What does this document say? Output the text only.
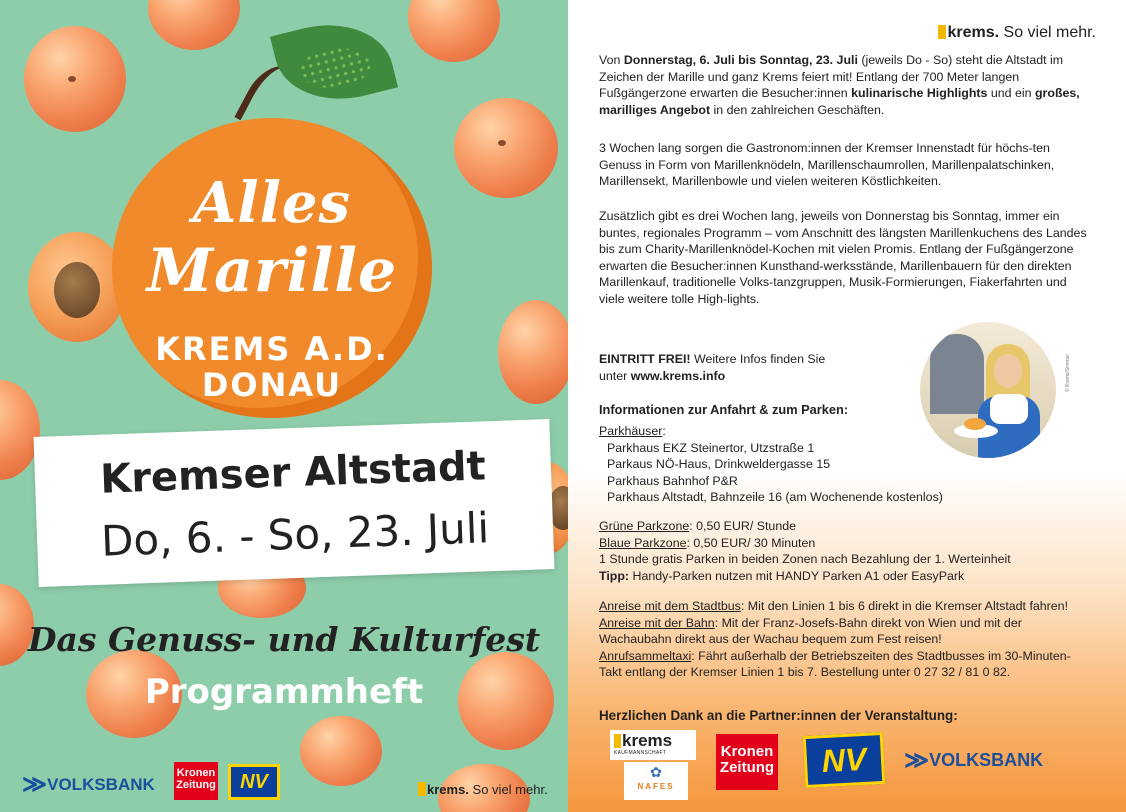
Alles
Marille
KREMS A.D.
DONAU
Kremser Altstadt
Do, 6. - So, 23. Juli
Das Genuss- und Kulturfest
Programmheft
≫ VOLKSBANK
Kronen
Zeitung NV	krems. So viel mehr.
krems. So viel mehr.
Von Donnerstag, 6. Juli bis Sonntag, 23. Juli (jeweils Do - So) steht die Altstadt im Zeichen der Marille und ganz Krems feiert mit! Entlang der 700 Meter langen Fußgängerzone erwarten die Besucher:innen kulinarische Highlights und ein großes, marilliges Angebot in den zahlreichen Geschäften.
3 Wochen lang sorgen die Gastronom:innen der Kremser Innenstadt für höchs-ten Genuss in Form von Marillenknödeln, Marillenschaumrollen, Marillenpalatschinken, Marillensekt, Marillenbowle und vielen weiteren Köstlichkeiten.
Zusätzlich gibt es drei Wochen lang, jeweils von Donnerstag bis Sonntag, immer ein buntes, regionales Programm – vom Anschnitt des längsten Marillenkuchens des Landes bis zum Charity-Marillenknödel-Kochen mit vielen Promis. Entlang der Fußgängerzone erwarten die Besucher:innen Kunsthand-werksstände, Marillenbauern für den direkten Marillenkauf, traditionelle Volks-tanzgruppen, Musik-Formierungen, Fiakerfahrten und viele weitere tolle High-lights.
EINTRITT FREI! Weitere Infos finden Sie
unter www.krems.info	© Krems/Simmel
Informationen zur Anfahrt & zum Parken:
Parkhäuser:

Parkhaus EKZ Steinertor, Utzstraße 1
Parkaus NÖ-Haus, Drinkweldergasse 15
Parkhaus Bahnhof P&R
Parkhaus Altstadt, Bahnzeile 16 (am Wochenende kostenlos)
Grüne Parkzone: 0,50 EUR/ Stunde
Blaue Parkzone: 0,50 EUR/ 30 Minuten
1 Stunde gratis Parken in beiden Zonen nach Bezahlung der 1. Werteinheit
Tipp: Handy-Parken nutzen mit HANDY Parken A1 oder EasyPark
Anreise mit dem Stadtbus: Mit den Linien 1 bis 6 direkt in die Kremser Altstadt fahren!
Anreise mit der Bahn: Mit der Franz-Josefs-Bahn direkt von Wien und mit der Wachaubahn direkt aus der Wachau bequem zum Fest reisen!
Anrufsammeltaxi: Fährt außerhalb der Betriebszeiten des Stadtbusses im 30-Minuten-Takt entlang der Kremser Linien 1 bis 7. Bestellung unter 0 27 32 / 81 0 82.
Herzlichen Dank an die Partner:innen der Veranstaltung:
krems
KAUFMANNSCHAFT
✿
NAFES
Kronen
Zeitung NV ≫ VOLKSBANK
